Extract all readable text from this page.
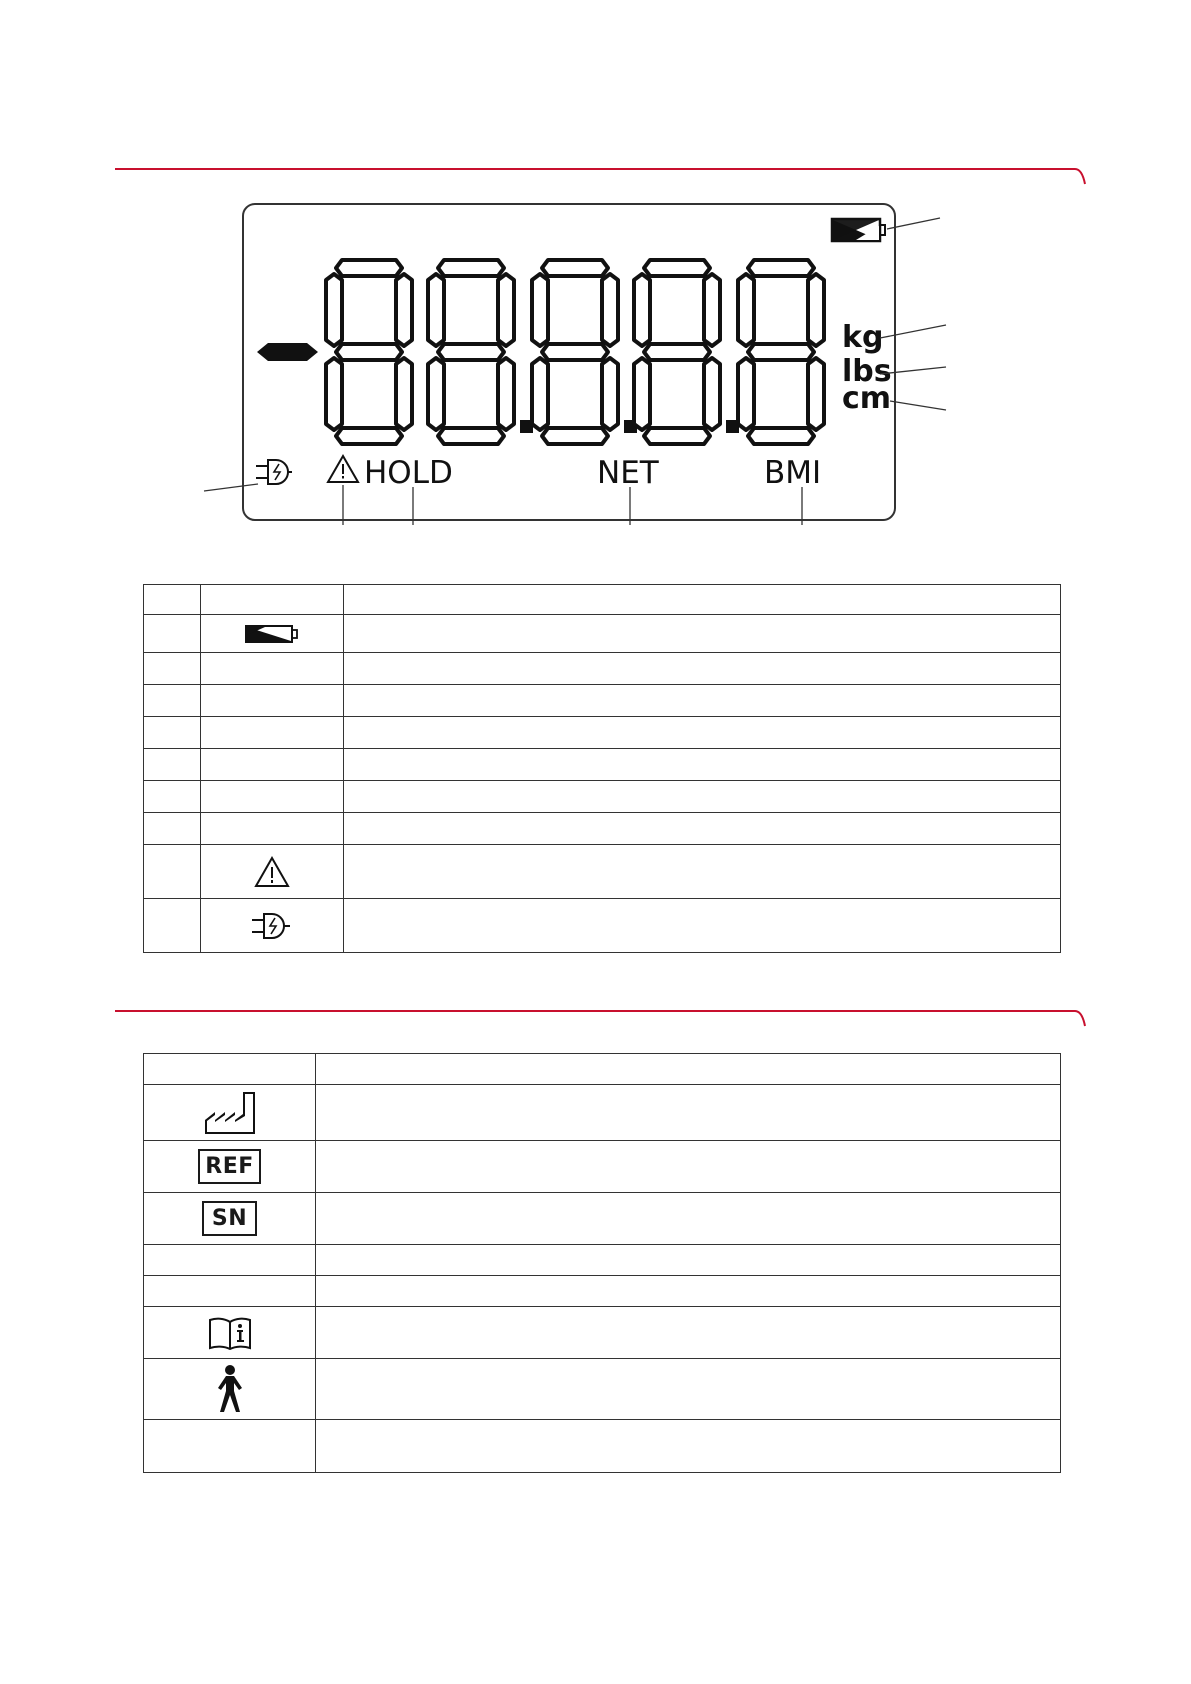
kg
lbs
cm
HOLD	NET	BMI

REF	

SN	
